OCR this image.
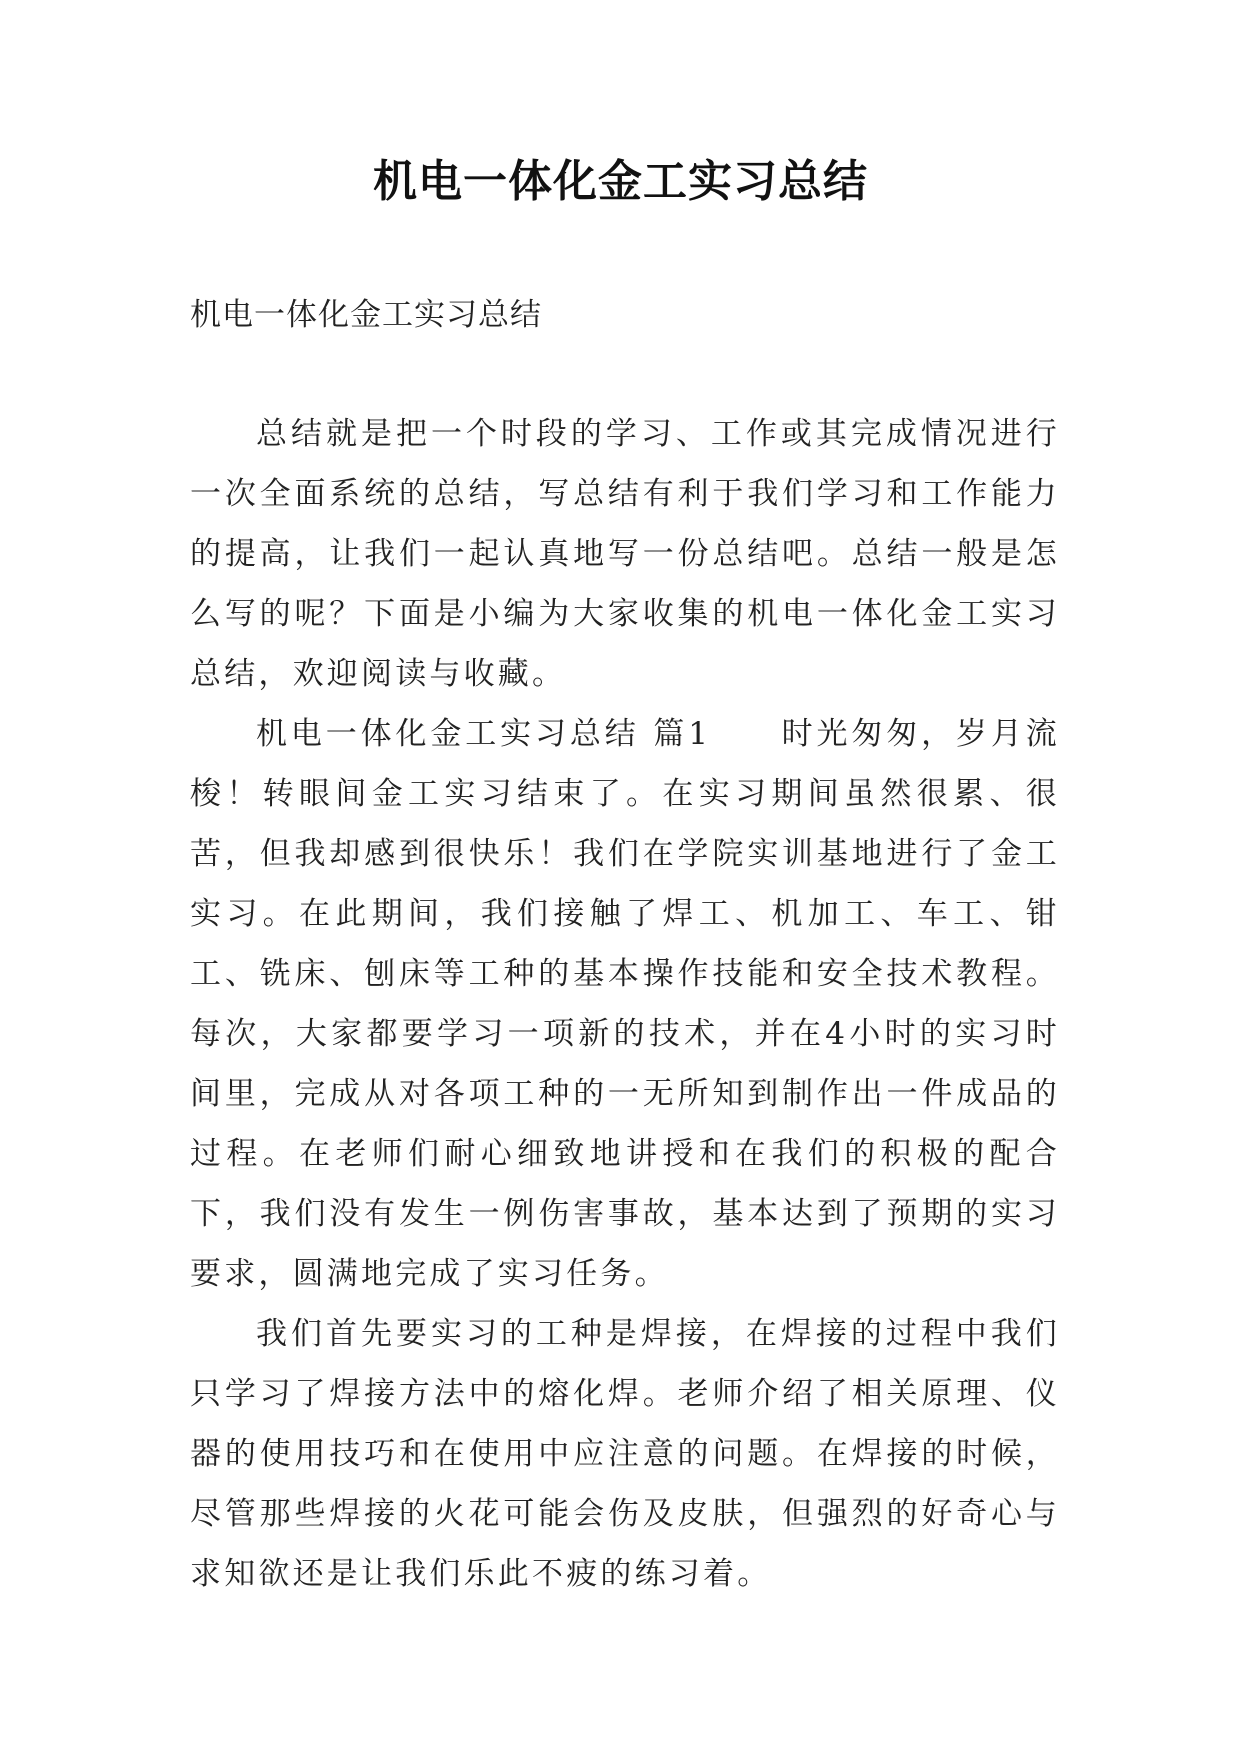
机电一体化金工实习总结
机电一体化金工实习总结

总结就是把一个时段的学习、工作或其完成情况进行一次全面系统的总结，写总结有利于我们学习和工作能力的提高，让我们一起认真地写一份总结吧。总结一般是怎么写的呢？下面是小编为大家收集的机电一体化金工实习总结，欢迎阅读与收藏。

机电一体化金工实习总结 篇1　　时光匆匆，岁月流梭！转眼间金工实习结束了。在实习期间虽然很累、很苦，但我却感到很快乐！我们在学院实训基地进行了金工实习。在此期间，我们接触了焊工、机加工、车工、钳工、铣床、刨床等工种的基本操作技能和安全技术教程。每次，大家都要学习一项新的技术，并在4小时的实习时间里，完成从对各项工种的一无所知到制作出一件成品的过程。在老师们耐心细致地讲授和在我们的积极的配合下，我们没有发生一例伤害事故，基本达到了预期的实习要求，圆满地完成了实习任务。

我们首先要实习的工种是焊接，在焊接的过程中我们只学习了焊接方法中的熔化焊。老师介绍了相关原理、仪器的使用技巧和在使用中应注意的问题。在焊接的时候，尽管那些焊接的火花可能会伤及皮肤，但强烈的好奇心与求知欲还是让我们乐此不疲的练习着。
